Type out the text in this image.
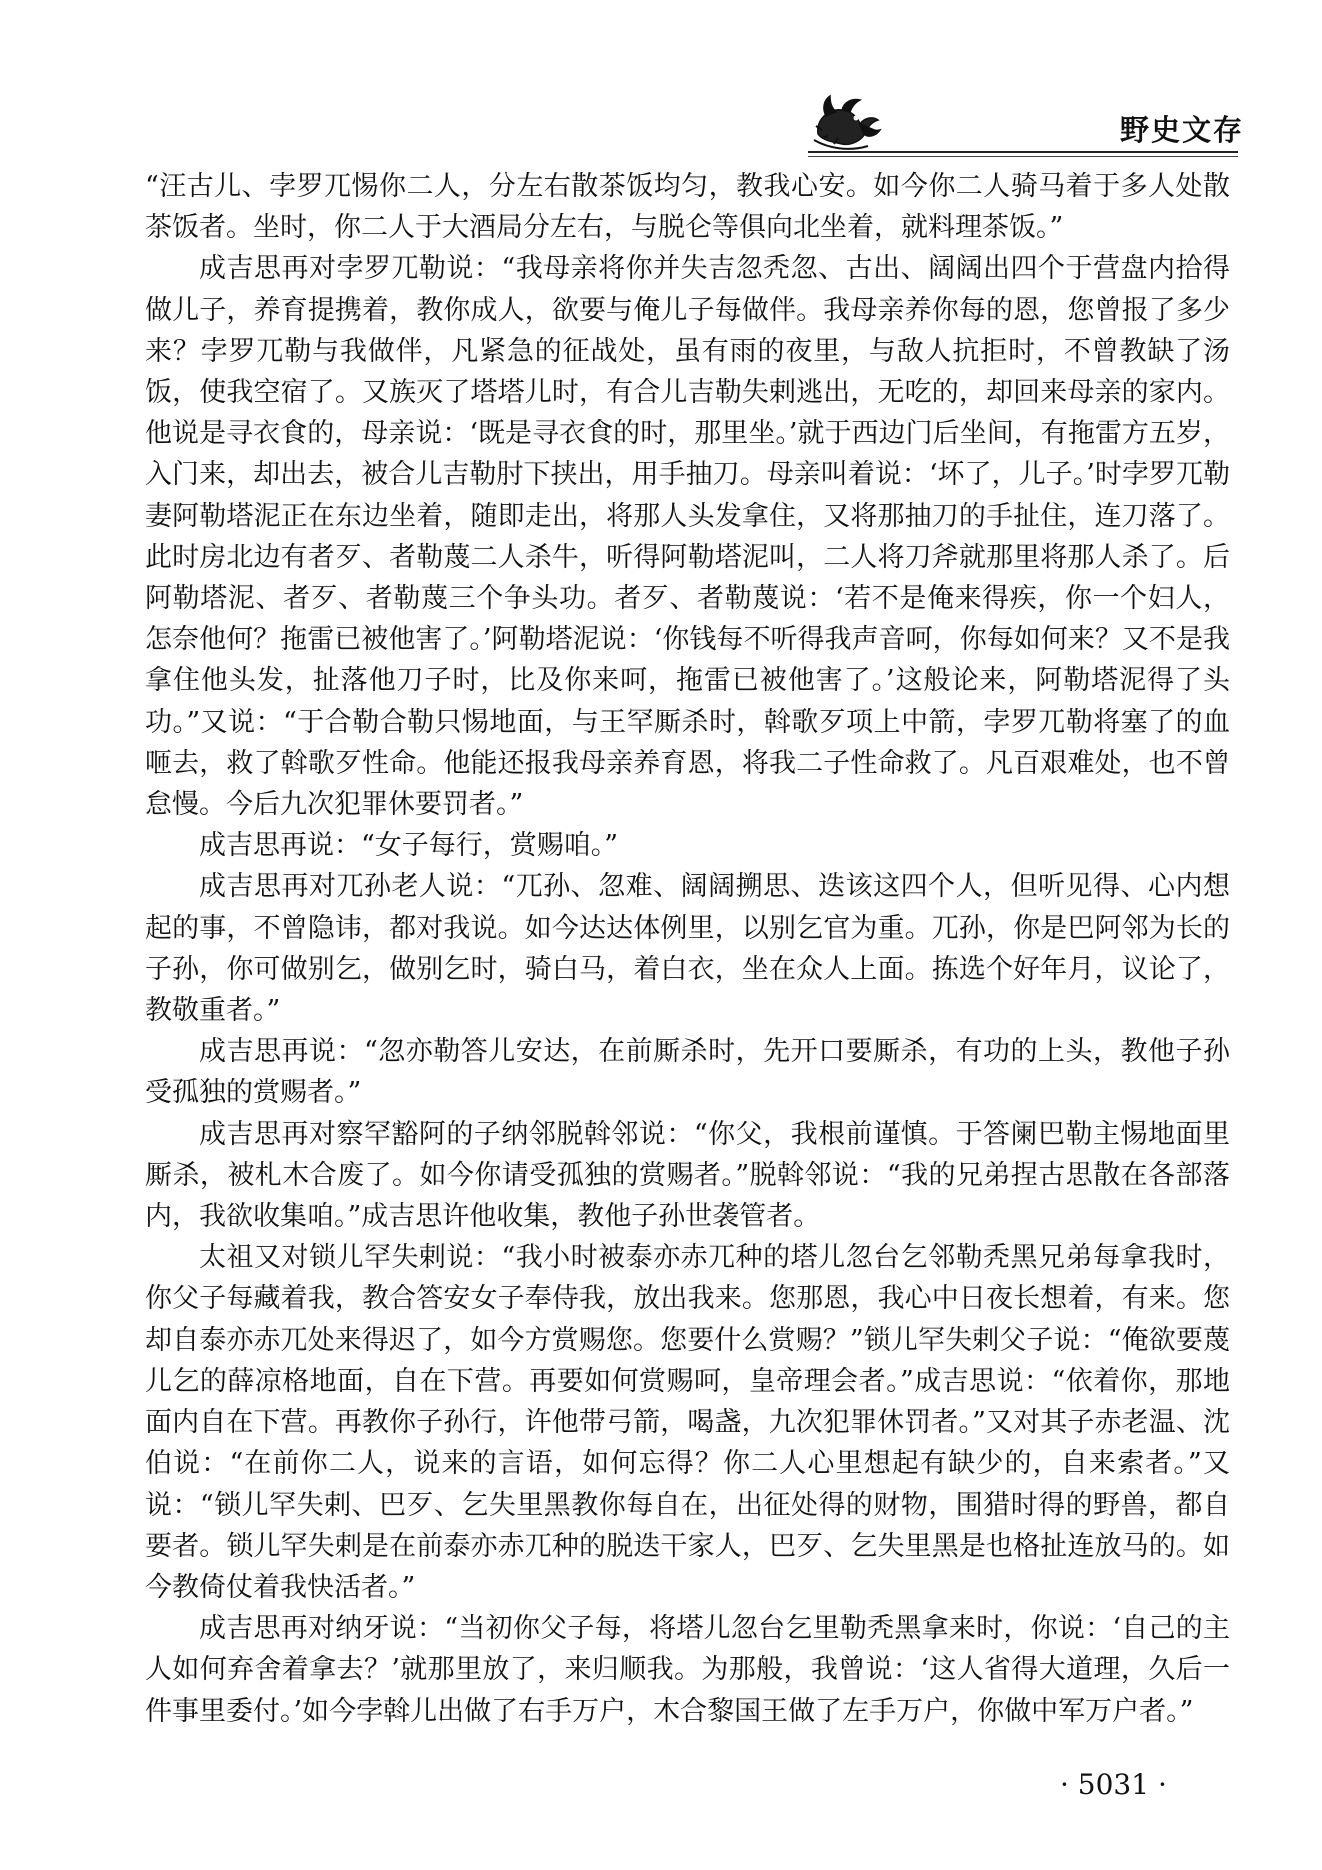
野史文存

“汪古儿、孛罗兀惕你二人，分左右散茶饭均匀，教我心安。如今你二人骑马着于多人处散茶饭者。坐时，你二人于大酒局分左右，与脱仑等俱向北坐着，就料理茶饭。”

成吉思再对孛罗兀勒说：“我母亲将你并失吉忽秃忽、古出、阔阔出四个于营盘内拾得做儿子，养育提携着，教你成人，欲要与俺儿子每做伴。我母亲养你每的恩，您曾报了多少来？孛罗兀勒与我做伴，凡紧急的征战处，虽有雨的夜里，与敌人抗拒时，不曾教缺了汤饭，使我空宿了。又族灭了塔塔儿时，有合儿吉勒失剌逃出，无吃的，却回来母亲的家内。他说是寻衣食的，母亲说：‘既是寻衣食的时，那里坐。’就于西边门后坐间，有拖雷方五岁，入门来，却出去，被合儿吉勒肘下挟出，用手抽刀。母亲叫着说：‘坏了，儿子。’时孛罗兀勒妻阿勒塔泥正在东边坐着，随即走出，将那人头发拿住，又将那抽刀的手扯住，连刀落了。此时房北边有者歹、者勒蔑二人杀牛，听得阿勒塔泥叫，二人将刀斧就那里将那人杀了。后阿勒塔泥、者歹、者勒蔑三个争头功。者歹、者勒蔑说：‘若不是俺来得疾，你一个妇人，怎奈他何？拖雷已被他害了。’阿勒塔泥说：‘你钱每不听得我声音呵，你每如何来？又不是我拿住他头发，扯落他刀子时，比及你来呵，拖雷已被他害了。’这般论来，阿勒塔泥得了头功。”又说：“于合勒合勒只惕地面，与王罕厮杀时，斡歌歹项上中箭，孛罗兀勒将塞了的血咂去，救了斡歌歹性命。他能还报我母亲养育恩，将我二子性命救了。凡百艰难处，也不曾怠慢。今后九次犯罪休要罚者。”

成吉思再说：“女子每行，赏赐咱。”

成吉思再对兀孙老人说：“兀孙、忽难、阔阔搠思、迭该这四个人，但听见得、心内想起的事，不曾隐讳，都对我说。如今达达体例里，以别乞官为重。兀孙，你是巴阿邻为长的子孙，你可做别乞，做别乞时，骑白马，着白衣，坐在众人上面。拣选个好年月，议论了，教敬重者。”

成吉思再说：“忽亦勒答儿安达，在前厮杀时，先开口要厮杀，有功的上头，教他子孙受孤独的赏赐者。”

成吉思再对察罕豁阿的子纳邻脱斡邻说：“你父，我根前谨慎。于答阑巴勒主惕地面里厮杀，被札木合废了。如今你请受孤独的赏赐者。”脱斡邻说：“我的兄弟捏古思散在各部落内，我欲收集咱。”成吉思许他收集，教他子孙世袭管者。

太祖又对锁儿罕失剌说：“我小时被泰亦赤兀种的塔儿忽台乞邻勒秃黑兄弟每拿我时，你父子每藏着我，教合答安女子奉侍我，放出我来。您那恩，我心中日夜长想着，有来。您却自泰亦赤兀处来得迟了，如今方赏赐您。您要什么赏赐？”锁儿罕失剌父子说：“俺欲要蔑儿乞的薛凉格地面，自在下营。再要如何赏赐呵，皇帝理会者。”成吉思说：“依着你，那地面内自在下营。再教你子孙行，许他带弓箭，喝盏，九次犯罪休罚者。”又对其子赤老温、沈伯说：“在前你二人，说来的言语，如何忘得？你二人心里想起有缺少的，自来索者。”又说：“锁儿罕失剌、巴歹、乞失里黑教你每自在，出征处得的财物，围猎时得的野兽，都自要者。锁儿罕失剌是在前泰亦赤兀种的脱迭干家人，巴歹、乞失里黑是也格扯连放马的。如今教倚仗着我快活者。”

成吉思再对纳牙说：“当初你父子每，将塔儿忽台乞里勒秃黑拿来时，你说：‘自己的主人如何弃舍着拿去？’就那里放了，来归顺我。为那般，我曾说：‘这人省得大道理，久后一件事里委付。’如今孛斡儿出做了右手万户，木合黎国王做了左手万户，你做中军万户者。”

· 5031 ·
